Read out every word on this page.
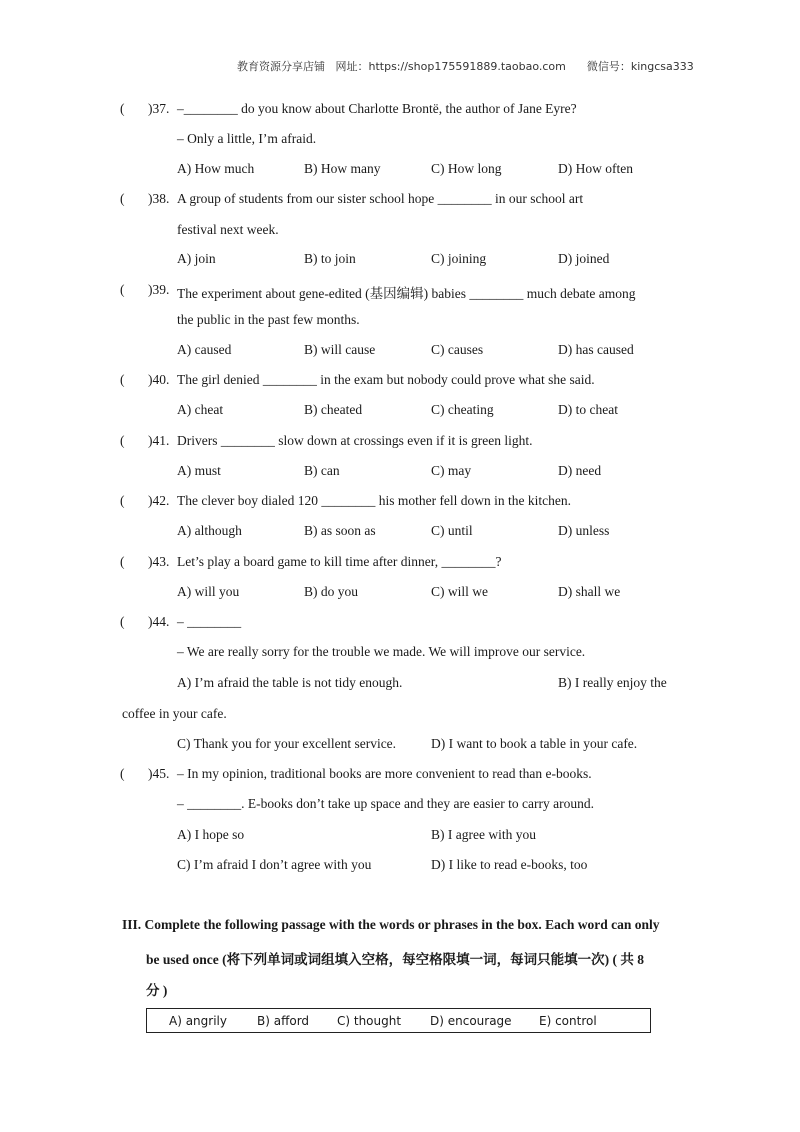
教育资源分享店铺   网址：https://shop175591889.taobao.com      微信号：kingcsa333
( )37. –________ do you know about Charlotte Brontë, the author of Jane Eyre?
– Only a little, I’m afraid.
A) How much	B) How many	C) How long	D) How often
( )38. A group of students from our sister school hope ________ in our school art
festival next week.
A) join	B) to join	C) joining	D) joined
( )39. The experiment about gene-edited (基因编辑) babies ________ much debate among
the public in the past few months.
A) caused	B) will cause	C) causes	D) has caused
( )40. The girl denied ________ in the exam but nobody could prove what she said.
A) cheat	B) cheated	C) cheating	D) to cheat
( )41. Drivers ________ slow down at crossings even if it is green light.
A) must	B) can	C) may	D) need
( )42. The clever boy dialed 120 ________ his mother fell down in the kitchen.
A) although	B) as soon as	C) until	D) unless
( )43. Let’s play a board game to kill time after dinner, ________?
A) will you	B) do you	C) will we	D) shall we
( )44. – ________
– We are really sorry for the trouble we made. We will improve our service.
A) I’m afraid the table is not tidy enough.	B) I really enjoy the
coffee in your cafe.
C) Thank you for your excellent service.	D) I want to book a table in your cafe.
( )45. – In my opinion, traditional books are more convenient to read than e-books.
– ________. E-books don’t take up space and they are easier to carry around.
A) I hope so	B) I agree with you
C) I’m afraid I don’t agree with you	D) I like to read e-books, too
III. Complete the following passage with the words or phrases in the box. Each word can only
be used once (将下列单词或词组填入空格，每空格限填一词，每词只能填一次) ( 共 8
分 )
A) angrily	B) afford C) thought D) encourage E) control
